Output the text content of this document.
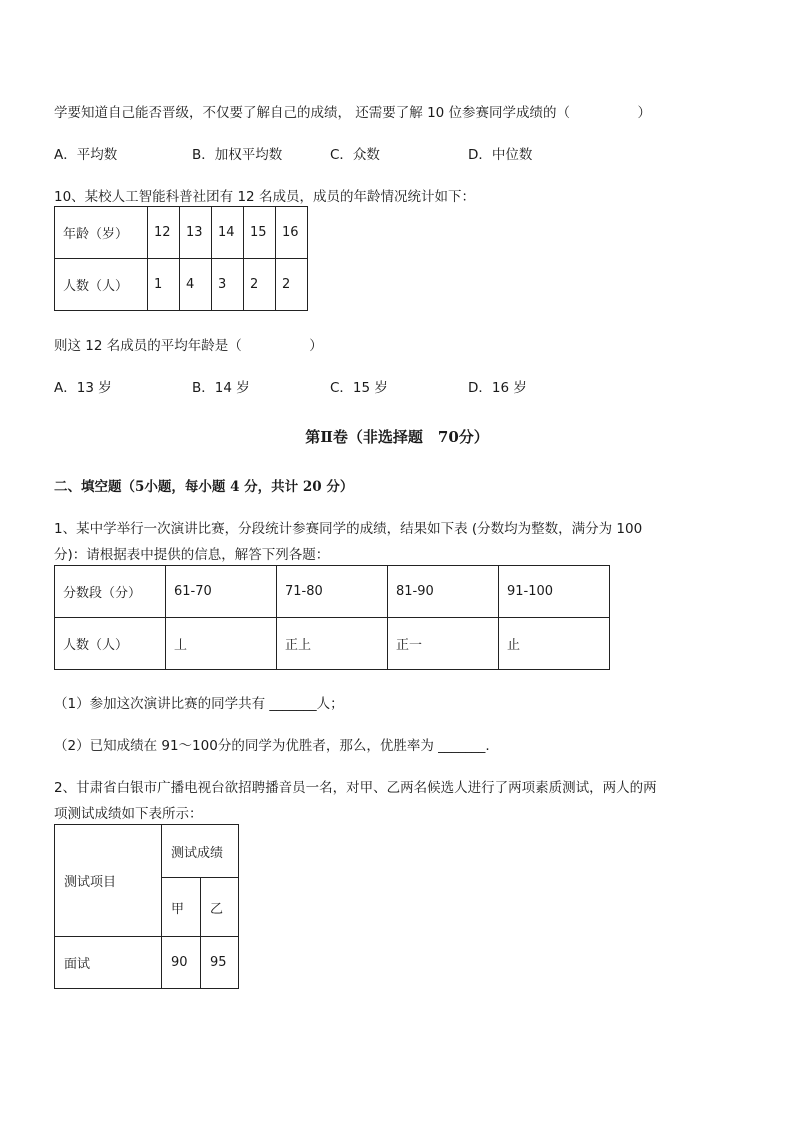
学要知道自己能否晋级，不仅要了解自己的成绩， 还需要了解 10 位参赛同学成绩的（　　　　　）
A．平均数	B．加权平均数	C．众数	D．中位数
10、某校人工智能科普社团有 12 名成员，成员的年龄情况统计如下：
年龄（岁）	12	13	14	15	16
人数（人）	1	4	3	2	2
则这 12 名成员的平均年龄是（　　　　　）
A．13 岁	B．14 岁	C．15 岁	D．16 岁
第Ⅱ卷（非选择题　70分）
二、填空题（5小题，每小题 4 分，共计 20 分）
1、某中学举行一次演讲比赛，分段统计参赛同学的成绩，结果如下表 (分数均为整数，满分为 100
分)：请根据表中提供的信息，解答下列各题：
分数段（分）	61-70	71-80	81-90	91-100
人数（人）	丄	正上	正一	止
（1）参加这次演讲比赛的同学共有 _______人；
（2）已知成绩在 91～100分的同学为优胜者，那么，优胜率为 _______.
2、甘肃省白银市广播电视台欲招聘播音员一名，对甲、乙两名候选人进行了两项素质测试，两人的两
项测试成绩如下表所示：
测试项目	测试成绩	
	甲	乙
面试	90	95
